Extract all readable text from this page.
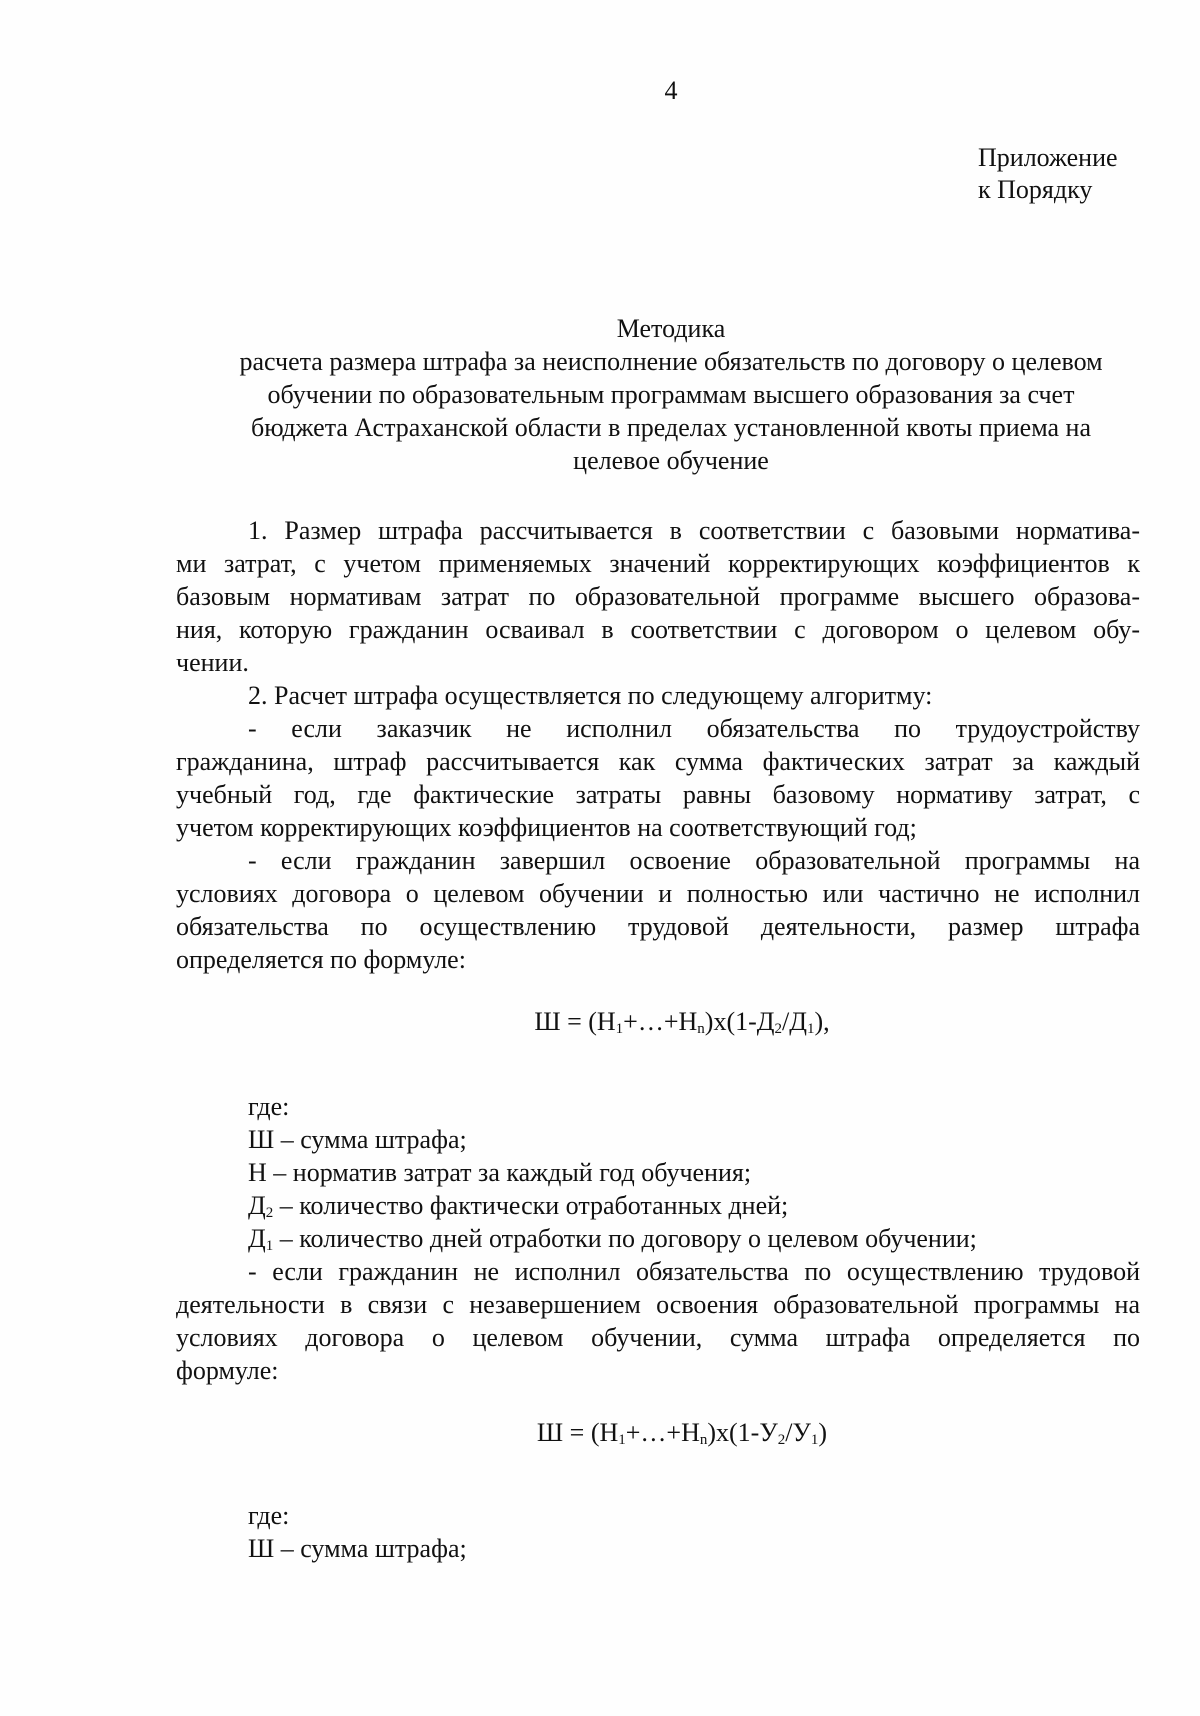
4
Приложение
к Порядку
Методика
расчета размера штрафа за неисполнение обязательств по договору о целевом
обучении по образовательным программам высшего образования за счет
бюджета Астраханской области в пределах установленной квоты приема на
целевое обучение
1. Размер штрафа рассчитывается в соответствии с базовыми норматива-
ми затрат, с учетом применяемых значений корректирующих коэффициентов к
базовым нормативам затрат по образовательной программе высшего образова-
ния, которую гражданин осваивал в соответствии с договором о целевом обу-
чении.
2. Расчет штрафа осуществляется по следующему алгоритму:
- если заказчик не исполнил обязательства по трудоустройству
гражданина, штраф рассчитывается как сумма фактических затрат за каждый
учебный год, где фактические затраты равны базовому нормативу затрат, с
учетом корректирующих коэффициентов на соответствующий год;
- если гражданин завершил освоение образовательной программы на
условиях договора о целевом обучении и полностью или частично не исполнил
обязательства по осуществлению трудовой деятельности, размер штрафа
определяется по формуле:
$Ш = (Н_1+\dots+Н_n)х(1-Д_2/Д_1)$,
где:
Ш – сумма штрафа;
Н – норматив затрат за каждый год обучения;
$Д_2$ – количество фактически отработанных дней;
$Д_1$ – количество дней отработки по договору о целевом обучении;
- если гражданин не исполнил обязательства по осуществлению трудовой
деятельности в связи с незавершением освоения образовательной программы на
условиях договора о целевом обучении, сумма штрафа определяется по
формуле:
$Ш = (Н_1+\dots+Н_n)х(1-У_2/У_1)$
где:
Ш – сумма штрафа;
